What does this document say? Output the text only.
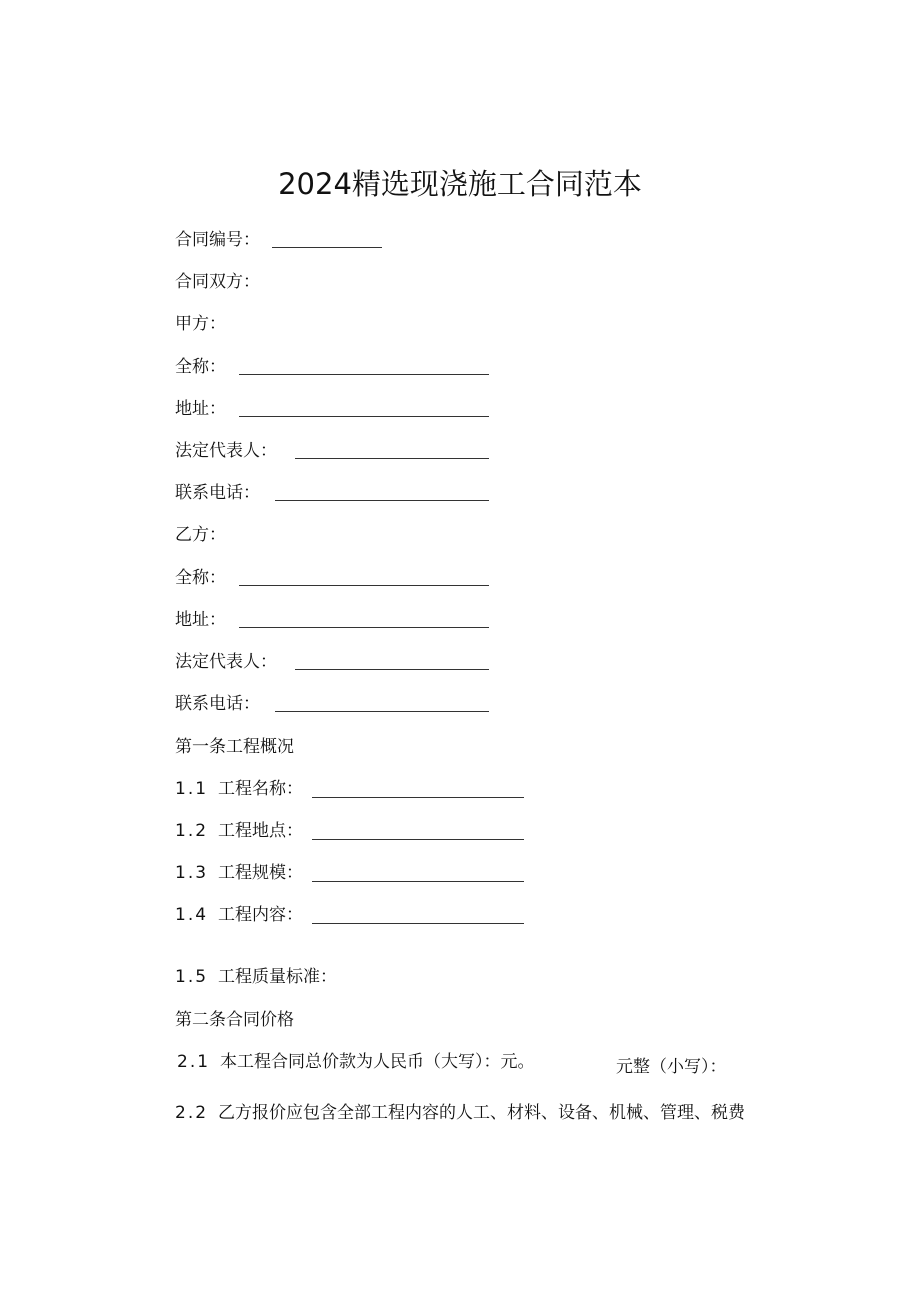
2024精选现浇施工合同范本
合同编号：
合同双方：
甲方：
全称：
地址：
法定代表人：
联系电话：
乙方：
全称：
地址：
法定代表人：
联系电话：
第一条工程概况
1.1 工程名称：
1.2 工程地点：
1.3 工程规模：
1.4 工程内容：
1.5 工程质量标准：
第二条合同价格
2.1 本工程合同总价款为人民币（大写）：元。	元整（小写）：
2.2 乙方报价应包含全部工程内容的人工、材料、设备、机械、管理、税费
